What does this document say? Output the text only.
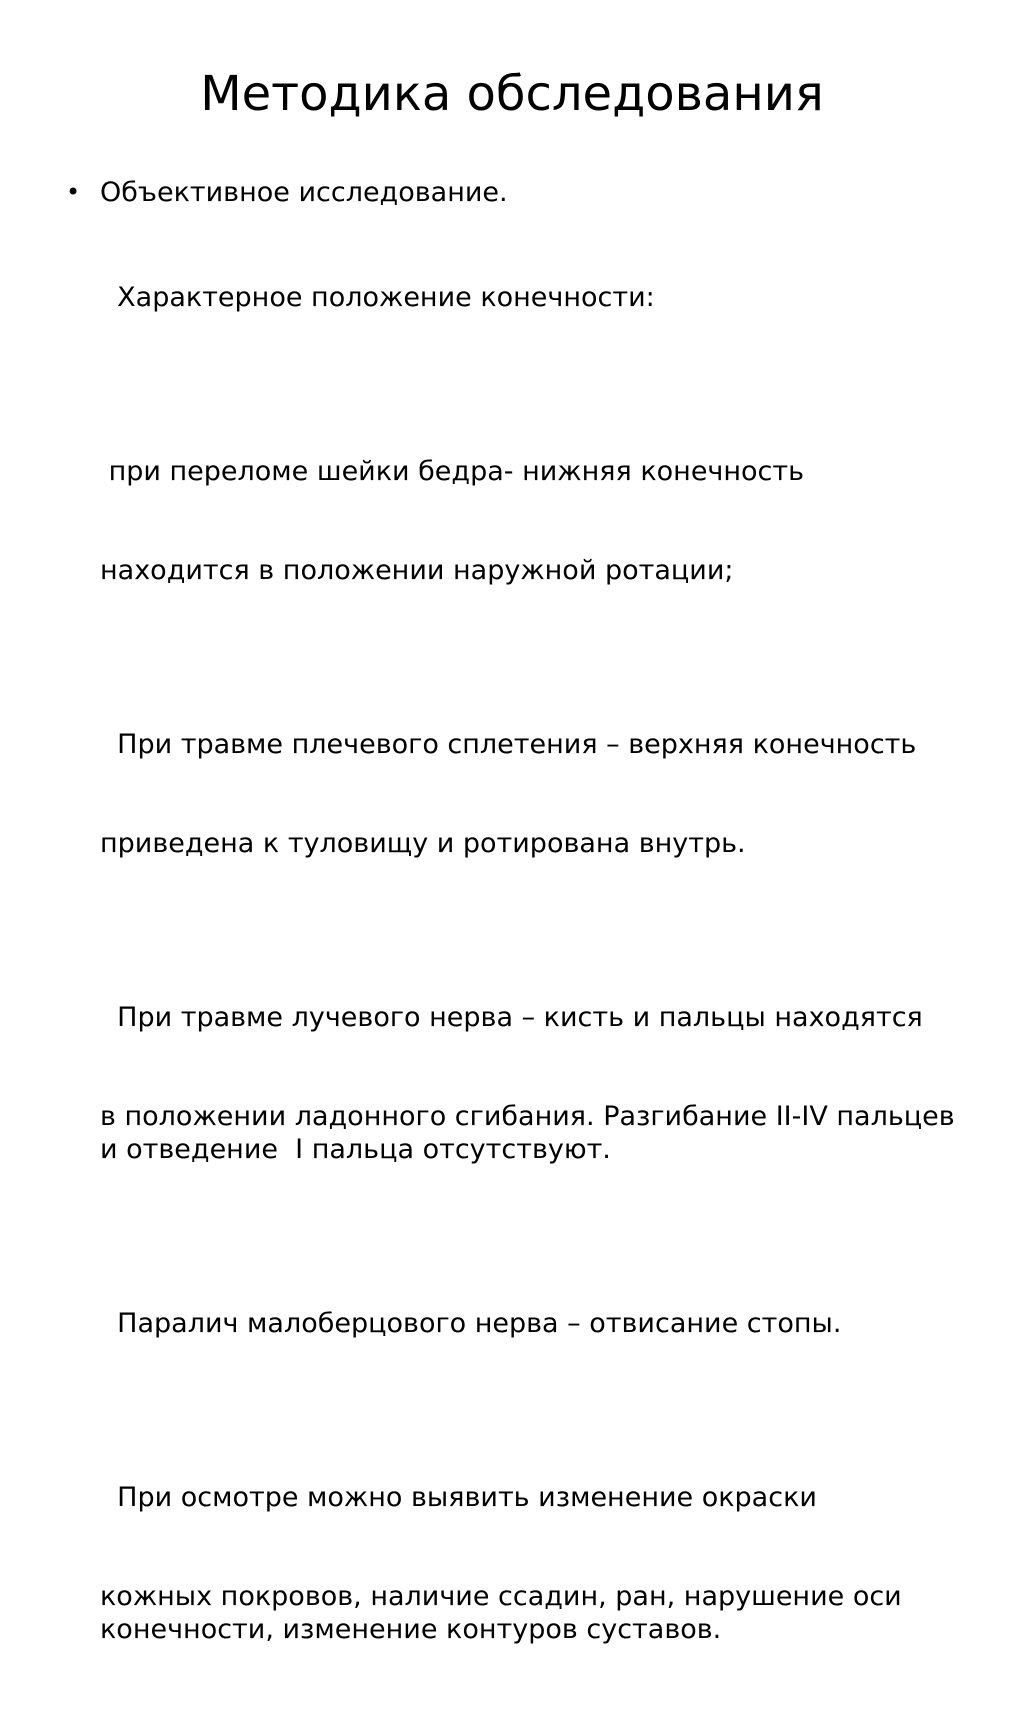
Методика обследования
• Объективное исследование.

Характерное положение конечности:

при переломе шейки бедра- нижняя конечность

находится в положении наружной ротации;

При травме плечевого сплетения – верхняя конечность

приведена к туловищу и ротирована внутрь.

При травме лучевого нерва – кисть и пальцы находятся

в положении ладонного сгибания. Разгибание II-IV пальцев и отведение  I пальца отсутствуют.

Паралич малоберцового нерва – отвисание стопы.

При осмотре можно выявить изменение окраски

кожных покровов, наличие ссадин, ран, нарушение оси конечности, изменение контуров суставов.
